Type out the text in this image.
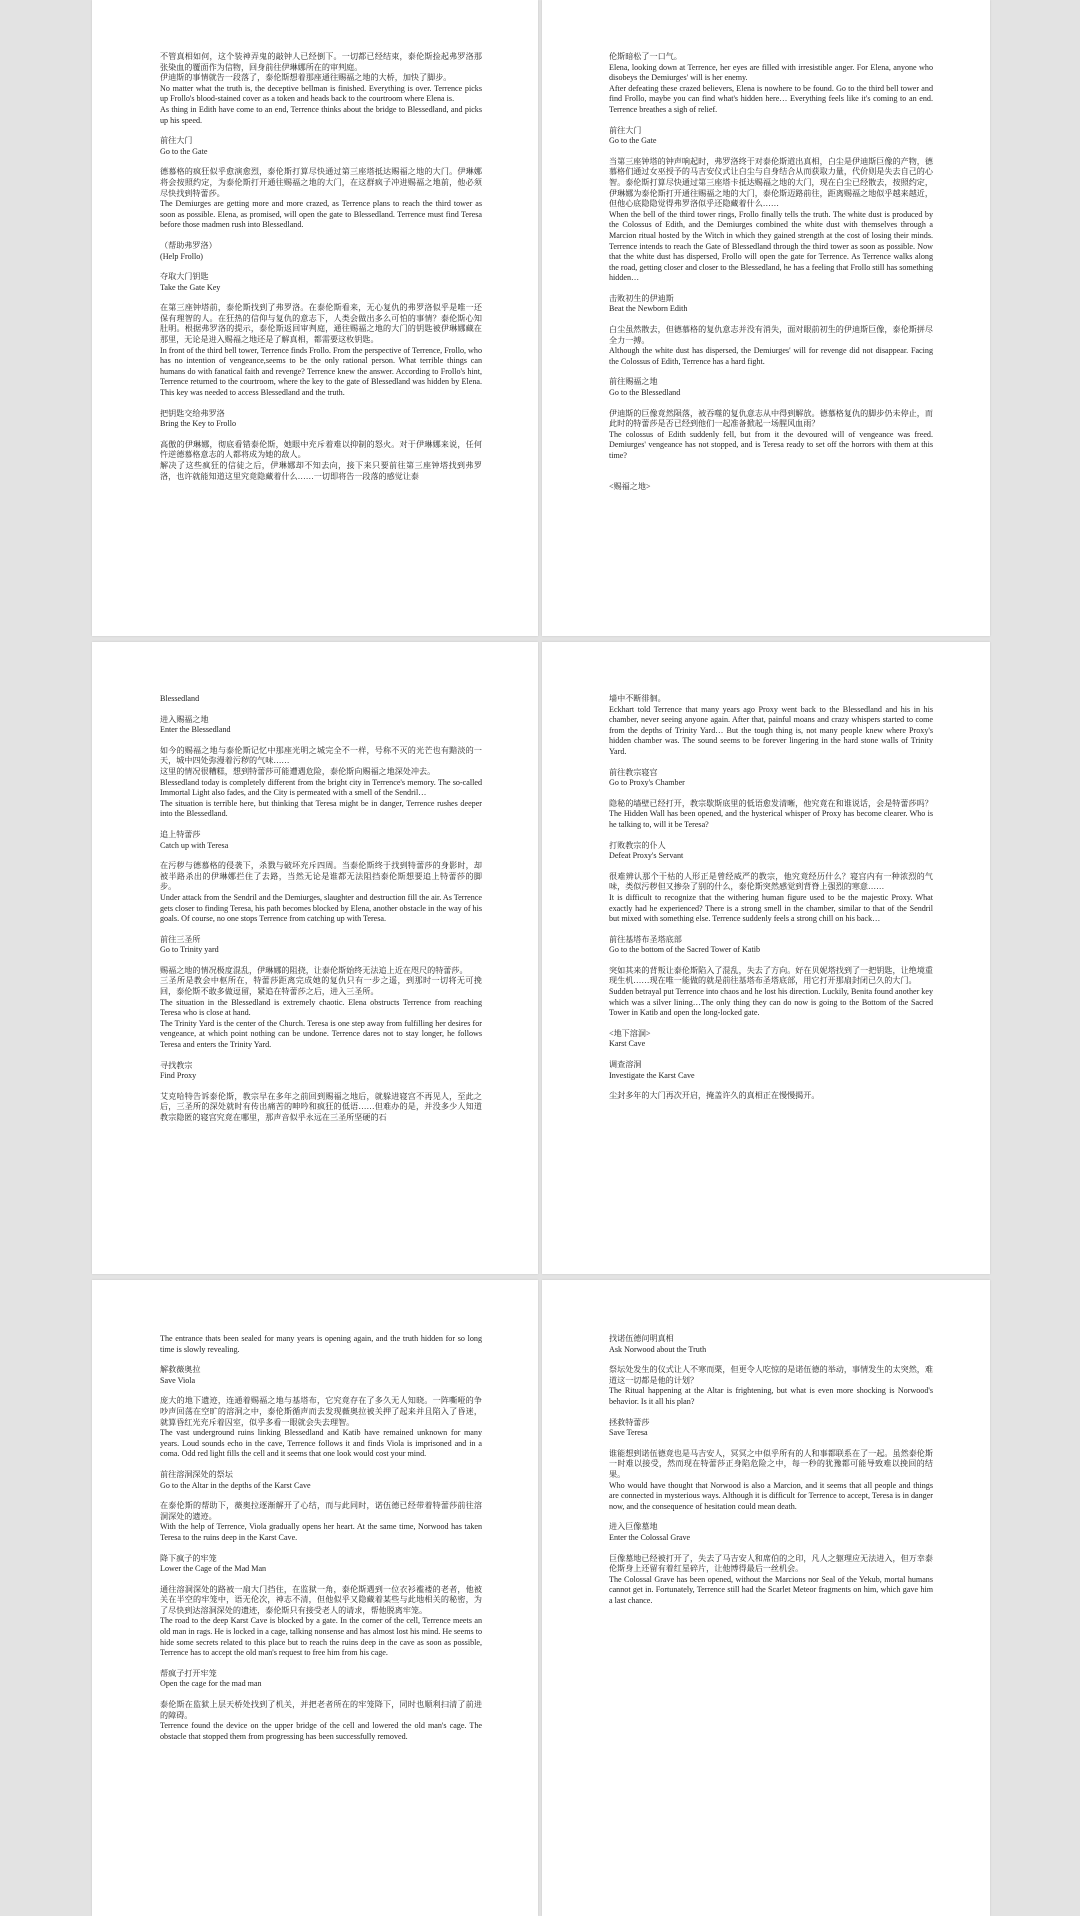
不管真相如何，这个装神弄鬼的敲钟人已经倒下。一切都已经结束，泰伦斯捡起弗罗洛那张染血的覆面作为信物，回身前往伊琳娜所在的审判庭。

伊迪斯的事情就告一段落了，泰伦斯想着那座通往赐福之地的大桥，加快了脚步。

No matter what the truth is, the deceptive bellman is finished. Everything is over. Terrence picks up Frollo's blood-stained cover as a token and heads back to the courtroom where Elena is.

As thing in Edith have come to an end, Terrence thinks about the bridge to Blessedland, and picks up his speed.

前往大门

Go to the Gate

德慕格的疯狂似乎愈演愈烈，泰伦斯打算尽快通过第三座塔抵达赐福之地的大门。伊琳娜将会按照约定，为泰伦斯打开通往赐福之地的大门，在这群疯子冲进赐福之地前，他必须尽快找到特蕾莎。

The Demiurges are getting more and more crazed, as Terrence plans to reach the third tower as soon as possible. Elena, as promised, will open the gate to Blessedland. Terrence must find Teresa before those madmen rush into Blessedland.

（帮助弗罗洛）

(Help Frollo)

夺取大门钥匙

Take the Gate Key

在第三座钟塔前，泰伦斯找到了弗罗洛。在泰伦斯看来，无心复仇的弗罗洛似乎是唯一还保有理智的人。在狂热的信仰与复仇的意志下，人类会做出多么可怕的事情？泰伦斯心知肚明。根据弗罗洛的提示，泰伦斯返回审判庭，通往赐福之地的大门的钥匙被伊琳娜藏在那里，无论是进入赐福之地还是了解真相，都需要这枚钥匙。

In front of the third bell tower, Terrence finds Frollo. From the perspective of Terrence, Frollo, who has no intention of vengeance,seems to be the only rational person. What terrible things can humans do with fanatical faith and revenge? Terrence knew the answer. According to Frollo's hint, Terrence returned to the courtroom, where the key to the gate of Blessedland was hidden by Elena. This key was needed to access Blessedland and the truth.

把钥匙交给弗罗洛

Bring the Key to Frollo

高傲的伊琳娜，彻底看错泰伦斯，她眼中充斥着难以抑制的怒火。对于伊琳娜来说，任何忤逆德慕格意志的人都将成为她的敌人。

解决了这些疯狂的信徒之后，伊琳娜却不知去向，接下来只要前往第三座钟塔找到弗罗洛，也许就能知道这里究竟隐藏着什么……一切即将告一段落的感觉让泰

伦斯暗松了一口气。

Elena, looking down at Terrence, her eyes are filled with irresistible anger. For Elena, anyone who disobeys the Demiurges' will is her enemy.

After defeating these crazed believers, Elena is nowhere to be found. Go to the third bell tower and find Frollo, maybe you can find what's hidden here… Everything feels like it's coming to an end. Terrence breathes a sigh of relief.

前往大门

Go to the Gate

当第三座钟塔的钟声响起时，弗罗洛终于对泰伦斯道出真相，白尘是伊迪斯巨像的产物，德慕格们通过女巫授予的马吉安仪式让白尘与自身结合从而获取力量，代价则是失去自己的心智。泰伦斯打算尽快通过第三座塔卡抵达赐福之地的大门，现在白尘已经散去，按照约定，伊琳娜为泰伦斯打开通往赐福之地的大门，泰伦斯迈路前往，距离赐福之地似乎越来越近，但他心底隐隐觉得弗罗洛似乎还隐藏着什么……

When the bell of the third tower rings, Frollo finally tells the truth. The white dust is produced by the Colossus of Edith, and the Demiurges combined the white dust with themselves through a Marcion ritual hosted by the Witch in which they gained strength at the cost of losing their minds. Terrence intends to reach the Gate of Blessedland through the third tower as soon as possible. Now that the white dust has dispersed, Frollo will open the gate for Terrence. As Terrence walks along the road, getting closer and closer to the Blessedland, he has a feeling that Frollo still has something hidden…

击败初生的伊迪斯

Beat the Newborn Edith

白尘虽然散去，但德慕格的复仇意志并没有消失，面对眼前初生的伊迪斯巨像，泰伦斯拼尽全力一搏。

Although the white dust has dispersed, the Demiurges' will for revenge did not disappear. Facing the Colossus of Edith, Terrence has a hard fight.

前往赐福之地

Go to the Blessedland

伊迪斯的巨像竟然陨落，被吞噬的复仇意志从中得到解放。德慕格复仇的脚步仍未停止，而此时的特蕾莎是否已经到他们一起准备掀起一场腥风血雨？

The colossus of Edith suddenly fell, but from it the devoured will of vengeance was freed. Demiurges' vengeance has not stopped, and is Teresa ready to set off the horrors with them at this time?

<赐福之地>

Blessedland

进入赐福之地

Enter the Blessedland

如今的赐福之地与泰伦斯记忆中那座光明之城完全不一样，号称不灭的光芒也有黯淡的一天，城中四处弥漫着污秽的气味……

这里的情况很糟糕，想到特蕾莎可能遭遇危险，泰伦斯向赐福之地深处冲去。

Blessedland today is completely different from the bright city in Terrence's memory. The so-called Immortal Light also fades, and the City is permeated with a smell of the Sendril…

The situation is terrible here, but thinking that Teresa might be in danger, Terrence rushes deeper into the Blessedland.

追上特蕾莎

Catch up with Teresa

在污秽与德慕格的侵袭下，杀戮与破坏充斥四周。当泰伦斯终于找到特蕾莎的身影时，却被半路杀出的伊琳娜拦住了去路，当然无论是谁都无法阻挡泰伦斯想要追上特蕾莎的脚步。

Under attack from the Sendril and the Demiurges, slaughter and destruction fill the air. As Terrence gets closer to finding Teresa, his path becomes blocked by Elena, another obstacle in the way of his goals. Of course, no one stops Terrence from catching up with Teresa.

前往三圣所

Go to Trinity yard

赐福之地的情况极度混乱，伊琳娜的阻挠，让泰伦斯始终无法追上近在咫尺的特蕾莎。

三圣所是教会中枢所在，特蕾莎距离完成她的复仇只有一步之遥，到那时一切将无可挽回，泰伦斯不敢多做逗留，紧追在特蕾莎之后，进入三圣所。

The situation in the Blessedland is extremely chaotic. Elena obstructs Terrence from reaching Teresa who is close at hand.

The Trinity Yard is the center of the Church. Teresa is one step away from fulfilling her desires for vengeance, at which point nothing can be undone. Terrence dares not to stay longer, he follows Teresa and enters the Trinity Yard.

寻找教宗

Find Proxy

艾克哈特告诉泰伦斯，教宗早在多年之前回到赐福之地后，就躲进寝宫不再见人，至此之后，三圣所的深处就时有传出痛苦的呻吟和疯狂的低语……但难办的是，并没多少人知道教宗隐匿的寝宫究竟在哪里，那声音似乎永远在三圣所坚硬的石

墙中不断徘徊。

Eckhart told Terrence that many years ago Proxy went back to the Blessedland and his in his chamber, never seeing anyone again. After that, painful moans and crazy whispers started to come from the depths of Trinity Yard… But the tough thing is, not many people knew where Proxy's hidden chamber was. The sound seems to be forever lingering in the hard stone walls of Trinity Yard.

前往教宗寝宫

Go to Proxy's Chamber

隐秘的墙壁已经打开，教宗歇斯底里的低语愈发清晰，他究竟在和谁说话，会是特蕾莎吗？

The Hidden Wall has been opened, and the hysterical whisper of Proxy has become clearer. Who is he talking to, will it be Teresa?

打败教宗的仆人

Defeat Proxy's Servant

很难辨认那个干枯的人形正是曾经威严的教宗，他究竟经历什么？寝宫内有一种浓烈的气味，类似污秽但又掺杂了别的什么，泰伦斯突然感觉到背脊上强烈的寒意……

It is difficult to recognize that the withering human figure used to be the majestic Proxy. What exactly had he experienced? There is a strong smell in the chamber, similar to that of the Sendril but mixed with something else. Terrence suddenly feels a strong chill on his back…

前往基塔布圣塔底部

Go to the bottom of the Sacred Tower of Katib

突如其来的背叛让泰伦斯陷入了混乱，失去了方向。好在贝妮塔找到了一把钥匙，让绝境重现生机……现在唯一能做的就是前往基塔布圣塔底部，用它打开那扇封闭已久的大门。

Sudden betrayal put Terrence into chaos and he lost his direction. Luckily, Benita found another key which was a silver lining…The only thing they can do now is going to the Bottom of the Sacred Tower in Katib and open the long-locked gate.

<地下溶洞>

Karst Cave

调查溶洞

Investigate the Karst Cave

尘封多年的大门再次开启，掩盖许久的真相正在慢慢揭开。

The entrance thats been sealed for many years is opening again, and the truth hidden for so long time is slowly revealing.

解救薇奥拉

Save Viola

庞大的地下遗迹，连通着赐福之地与基塔布，它究竟存在了多久无人知晓。一阵嘶哑的争吵声回荡在空旷的溶洞之中，泰伦斯循声而去发现薇奥拉被关押了起来并且陷入了昏迷，就算昏红光充斥着囚室，似乎多看一眼就会失去理智。

The vast underground ruins linking Blessedland and Katib have remained unknown for many years. Loud sounds echo in the cave, Terrence follows it and finds Viola is imprisoned and in a coma. Odd red light fills the cell and it seems that one look would cost your mind.

前往溶洞深处的祭坛

Go to the Altar in the depths of the Karst Cave

在泰伦斯的帮助下，薇奥拉逐渐解开了心结，而与此同时，诺伍德已经带着特蕾莎前往溶洞深处的遗迹。

With the help of Terrence, Viola gradually opens her heart. At the same time, Norwood has taken Teresa to the ruins deep in the Karst Cave.

降下疯子的牢笼

Lower the Cage of the Mad Man

通往溶洞深处的路被一扇大门挡住，在监狱一角，泰伦斯遇到一位衣衫褴褛的老者，他被关在半空的牢笼中，语无伦次，神志不清，但他似乎又隐藏着某些与此地相关的秘密，为了尽快到达溶洞深处的遗迹，泰伦斯只有接受老人的请求，帮他脱离牢笼。

The road to the deep Karst Cave is blocked by a gate. In the corner of the cell, Terrence meets an old man in rags. He is locked in a cage, talking nonsense and has almost lost his mind. He seems to hide some secrets related to this place but to reach the ruins deep in the cave as soon as possible, Terrence has to accept the old man's request to free him from his cage.

帮疯子打开牢笼

Open the cage for the mad man

泰伦斯在监狱上层天桥处找到了机关，并把老者所在的牢笼降下，同时也顺利扫清了前进的障碍。

Terrence found the device on the upper bridge of the cell and lowered the old man's cage. The obstacle that stopped them from progressing has been successfully removed.

找诺伍德问明真相

Ask Norwood about the Truth

祭坛处发生的仪式让人不寒而栗，但更令人吃惊的是诺伍德的举动，事情发生的太突然，难道这一切都是他的计划？

The Ritual happening at the Altar is frightening, but what is even more shocking is Norwood's behavior. Is it all his plan?

拯救特蕾莎

Save Teresa

谁能想到诺伍德竟也是马吉安人，冥冥之中似乎所有的人和事都联系在了一起。虽然泰伦斯一时难以接受，然而现在特蕾莎正身陷危险之中，每一秒的犹豫都可能导致难以挽回的结果。

Who would have thought that Norwood is also a Marcion, and it seems that all people and things are connected in mysterious ways. Although it is difficult for Terrence to accept, Teresa is in danger now, and the consequence of hesitation could mean death.

进入巨像墓地

Enter the Colossal Grave

巨像墓地已经被打开了，失去了马吉安人和席伯的之印，凡人之躯理应无法进入，但万幸泰伦斯身上还留有着红星碎片，让他博得最后一丝机会。

The Colossal Grave has been opened, without the Marcions nor Seal of the Yekub, mortal humans cannot get in. Fortunately, Terrence still had the Scarlet Meteor fragments on him, which gave him a last chance.
